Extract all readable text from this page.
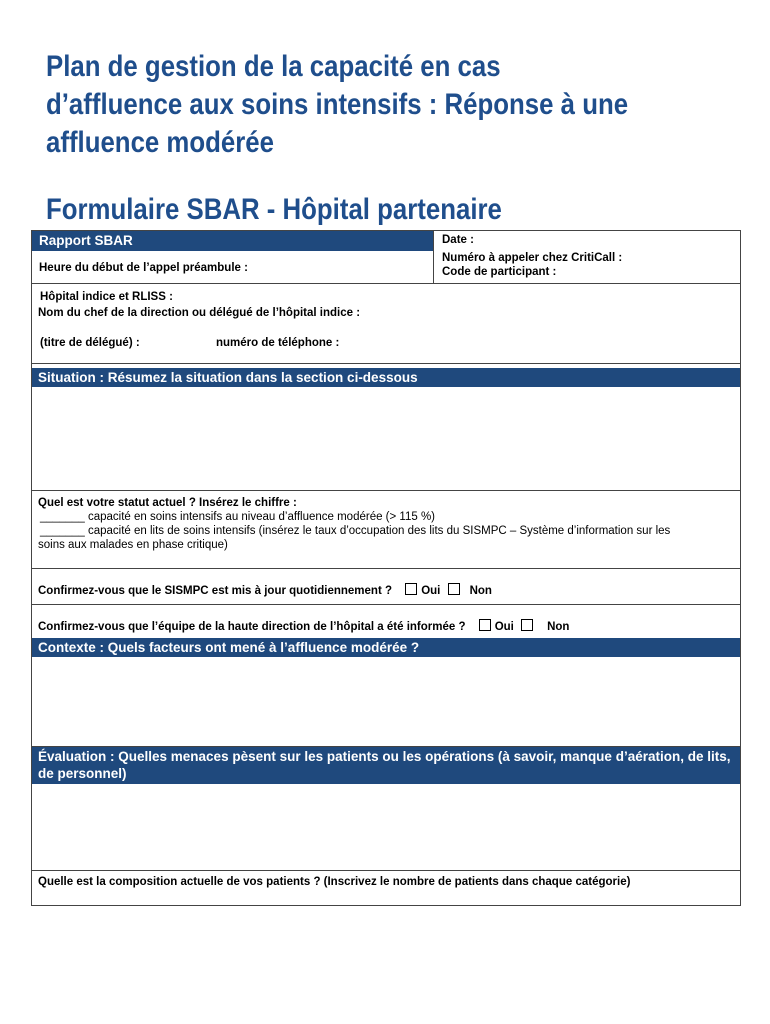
Plan de gestion de la capacité en cas d’affluence aux soins intensifs : Réponse à une affluence modérée
Formulaire SBAR - Hôpital partenaire
Rapport SBAR
Heure du début de l’appel préambule :
Date :
Numéro à appeler chez CritiCall :
Code de participant :
Hôpital indice et RLISS :
Nom du chef de la direction ou délégué de l’hôpital indice :
(titre de délégué) :	numéro de téléphone :
Situation : Résumez la situation dans la section ci-dessous
Quel est votre statut actuel ? Insérez le chiffre :
_______ capacité en soins intensifs au niveau d’affluence modérée (> 115 %)
_______ capacité en lits de soins intensifs (insérez le taux d’occupation des lits du SISMPC – Système d’information sur les
soins aux malades en phase critique)
Confirmez-vous que le SISMPC est mis à jour quotidiennement ?	Oui	Non
Confirmez-vous que l’équipe de la haute direction de l’hôpital a été informée ?	Oui	Non
Contexte : Quels facteurs ont mené à l’affluence modérée ?
Évaluation : Quelles menaces pèsent sur les patients ou les opérations (à savoir, manque d’aération, de lits, de personnel)
Quelle est la composition actuelle de vos patients ? (Inscrivez le nombre de patients dans chaque catégorie)
